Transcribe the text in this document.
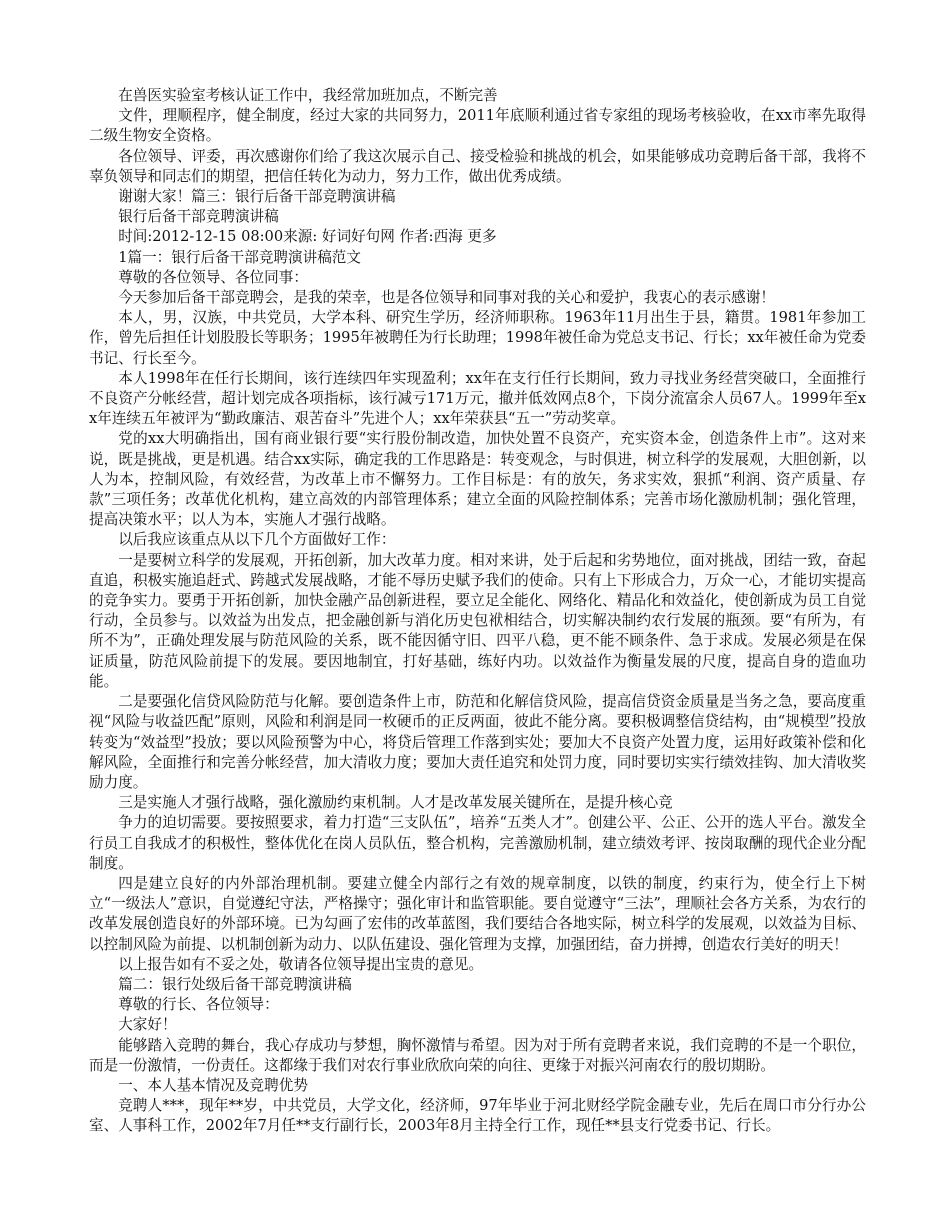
在兽医实验室考核认证工作中，我经常加班加点，不断完善

文件，理顺程序，健全制度，经过大家的共同努力，2011年底顺利通过省专家组的现场考核验收，在xx市率先取得二级生物安全资格。

各位领导、评委，再次感谢你们给了我这次展示自己、接受检验和挑战的机会，如果能够成功竞聘后备干部，我将不辜负领导和同志们的期望，把信任转化为动力，努力工作，做出优秀成绩。

谢谢大家！篇三：银行后备干部竞聘演讲稿

银行后备干部竞聘演讲稿

时间:2012-12-15 08:00来源: 好词好句网 作者:西海 更多

1篇一：银行后备干部竞聘演讲稿范文

尊敬的各位领导、各位同事：

今天参加后备干部竞聘会，是我的荣幸，也是各位领导和同事对我的关心和爱护，我衷心的表示感谢！

本人，男，汉族，中共党员，大学本科、研究生学历，经济师职称。1963年11月出生于县，籍贯。1981年参加工作，曾先后担任计划股股长等职务；1995年被聘任为行长助理；1998年被任命为党总支书记、行长；xx年被任命为党委书记、行长至今。

本人1998年在任行长期间，该行连续四年实现盈利；xx年在支行任行长期间，致力寻找业务经营突破口，全面推行不良资产分帐经营，超计划完成各项指标，该行减亏171万元，撤并低效网点8个，下岗分流富余人员67人。1999年至xx年连续五年被评为“勤政廉洁、艰苦奋斗”先进个人；xx年荣获县“五一”劳动奖章。

党的xx大明确指出，国有商业银行要“实行股份制改造，加快处置不良资产，充实资本金，创造条件上市”。这对来说，既是挑战，更是机遇。结合xx实际，确定我的工作思路是：转变观念，与时俱进，树立科学的发展观，大胆创新，以人为本，控制风险，有效经营，为改革上市不懈努力。工作目标是：有的放矢，务求实效，狠抓“利润、资产质量、存款”三项任务；改革优化机构，建立高效的内部管理体系；建立全面的风险控制体系；完善市场化激励机制；强化管理，提高决策水平；以人为本，实施人才强行战略。

以后我应该重点从以下几个方面做好工作：

一是要树立科学的发展观，开拓创新，加大改革力度。相对来讲，处于后起和劣势地位，面对挑战，团结一致，奋起直追，积极实施追赶式、跨越式发展战略，才能不辱历史赋予我们的使命。只有上下形成合力，万众一心，才能切实提高的竞争实力。要勇于开拓创新，加快金融产品创新进程，要立足全能化、网络化、精品化和效益化，使创新成为员工自觉行动，全员参与。以效益为出发点，把金融创新与消化历史包袱相结合，切实解决制约农行发展的瓶颈。要“有所为，有所不为”，正确处理发展与防范风险的关系，既不能因循守旧、四平八稳，更不能不顾条件、急于求成。发展必须是在保证质量，防范风险前提下的发展。要因地制宜，打好基础，练好内功。以效益作为衡量发展的尺度，提高自身的造血功能。

二是要强化信贷风险防范与化解。要创造条件上市，防范和化解信贷风险，提高信贷资金质量是当务之急，要高度重视“风险与收益匹配”原则，风险和利润是同一枚硬币的正反两面，彼此不能分离。要积极调整信贷结构，由“规模型”投放转变为“效益型”投放；要以风险预警为中心，将贷后管理工作落到实处；要加大不良资产处置力度，运用好政策补偿和化解风险，全面推行和完善分帐经营，加大清收力度；要加大责任追究和处罚力度，同时要切实实行绩效挂钩、加大清收奖励力度。

三是实施人才强行战略，强化激励约束机制。人才是改革发展关键所在，是提升核心竞

争力的迫切需要。要按照要求，着力打造“三支队伍”，培养“五类人才”。创建公平、公正、公开的选人平台。激发全行员工自我成才的积极性，整体优化在岗人员队伍，整合机构，完善激励机制，建立绩效考评、按岗取酬的现代企业分配制度。

四是建立良好的内外部治理机制。要建立健全内部行之有效的规章制度，以铁的制度，约束行为，使全行上下树立“一级法人”意识，自觉遵纪守法，严格操守；强化审计和监管职能。要自觉遵守“三法”，理顺社会各方关系，为农行的改革发展创造良好的外部环境。已为勾画了宏伟的改革蓝图，我们要结合各地实际，树立科学的发展观，以效益为目标、以控制风险为前提、以机制创新为动力、以队伍建设、强化管理为支撑，加强团结，奋力拼搏，创造农行美好的明天！

以上报告如有不妥之处，敬请各位领导提出宝贵的意见。

篇二：银行处级后备干部竞聘演讲稿

尊敬的行长、各位领导：

大家好！

能够踏入竞聘的舞台，我心存成功与梦想，胸怀激情与希望。因为对于所有竞聘者来说，我们竞聘的不是一个职位，而是一份激情，一份责任。这都缘于我们对农行事业欣欣向荣的向往、更缘于对振兴河南农行的殷切期盼。

一、本人基本情况及竞聘优势

竞聘人***，现年**岁，中共党员，大学文化，经济师，97年毕业于河北财经学院金融专业，先后在周口市分行办公室、人事科工作，2002年7月任**支行副行长，2003年8月主持全行工作，现任**县支行党委书记、行长。
